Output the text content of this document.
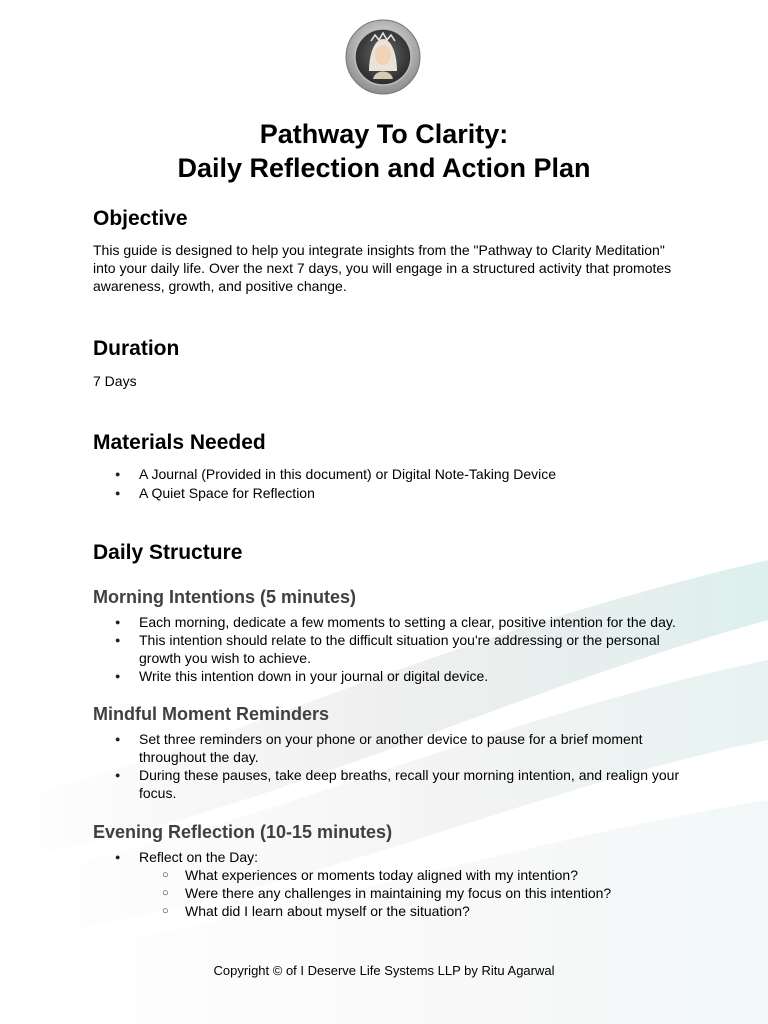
Pathway To Clarity:
Daily Reflection and Action Plan
Objective

This guide is designed to help you integrate insights from the "Pathway to Clarity Meditation" into your daily life. Over the next 7 days, you will engage in a structured activity that promotes awareness, growth, and positive change.

Duration

7 Days

Materials Needed
● A Journal (Provided in this document) or Digital Note-Taking Device
● A Quiet Space for Reflection
Daily Structure
Morning Intentions (5 minutes)
● Each morning, dedicate a few moments to setting a clear, positive intention for the day.
● This intention should relate to the difficult situation you're addressing or the personal growth you wish to achieve.
● Write this intention down in your journal or digital device.
Mindful Moment Reminders
● Set three reminders on your phone or another device to pause for a brief moment throughout the day.
● During these pauses, take deep breaths, recall your morning intention, and realign your focus.
Evening Reflection (10-15 minutes)
● Reflect on the Day:
○ What experiences or moments today aligned with my intention?
○ Were there any challenges in maintaining my focus on this intention?
○ What did I learn about myself or the situation?
Copyright © of I Deserve Life Systems LLP by Ritu Agarwal
